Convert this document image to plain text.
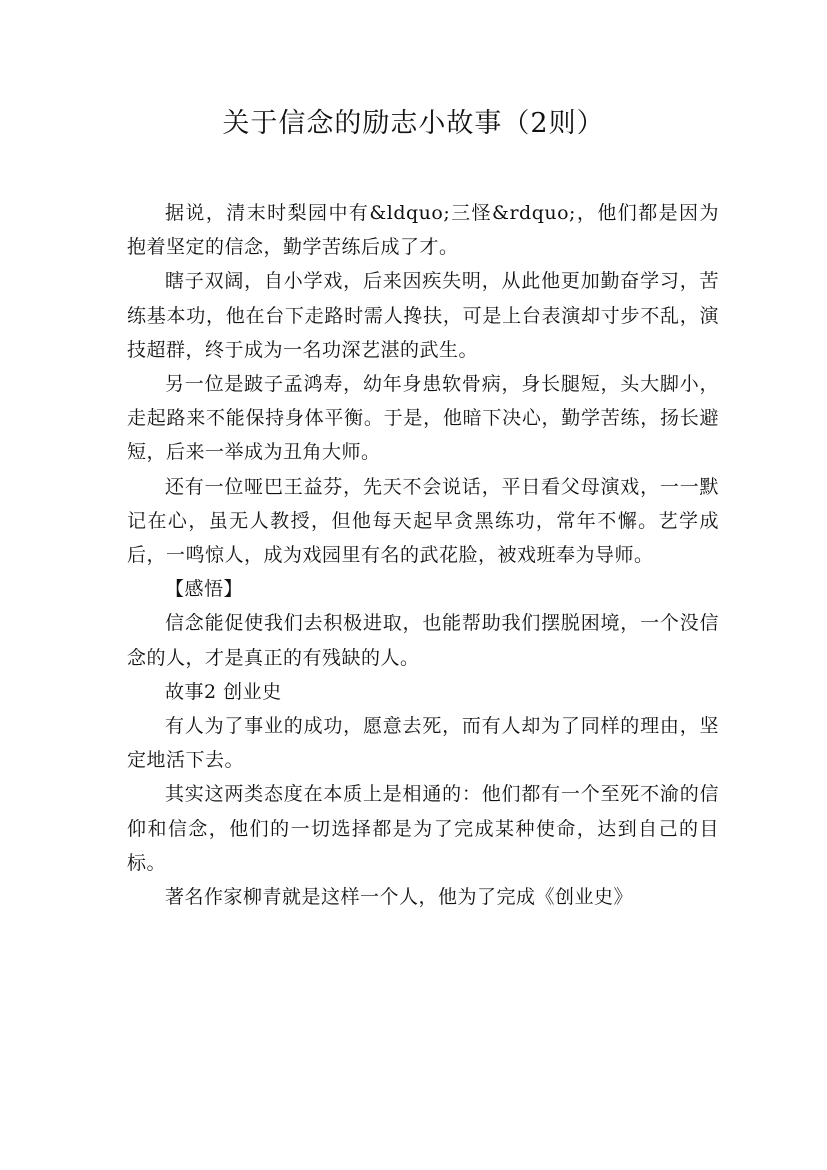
关于信念的励志小故事（2则）

据说，清末时梨园中有&ldquo;三怪&rdquo;，他们都是因为抱着坚定的信念，勤学苦练后成了才。

瞎子双阔，自小学戏，后来因疾失明，从此他更加勤奋学习，苦练基本功，他在台下走路时需人搀扶，可是上台表演却寸步不乱，演技超群，终于成为一名功深艺湛的武生。

另一位是跛子孟鸿寿，幼年身患软骨病，身长腿短，头大脚小，走起路来不能保持身体平衡。于是，他暗下决心，勤学苦练，扬长避短，后来一举成为丑角大师。

还有一位哑巴王益芬，先天不会说话，平日看父母演戏，一一默记在心，虽无人教授，但他每天起早贪黑练功，常年不懈。艺学成后，一鸣惊人，成为戏园里有名的武花脸，被戏班奉为导师。

【感悟】

信念能促使我们去积极进取，也能帮助我们摆脱困境，一个没信念的人，才是真正的有残缺的人。

故事2 创业史

有人为了事业的成功，愿意去死，而有人却为了同样的理由，坚定地活下去。

其实这两类态度在本质上是相通的：他们都有一个至死不渝的信仰和信念，他们的一切选择都是为了完成某种使命，达到自己的目标。

著名作家柳青就是这样一个人，他为了完成《创业史》
